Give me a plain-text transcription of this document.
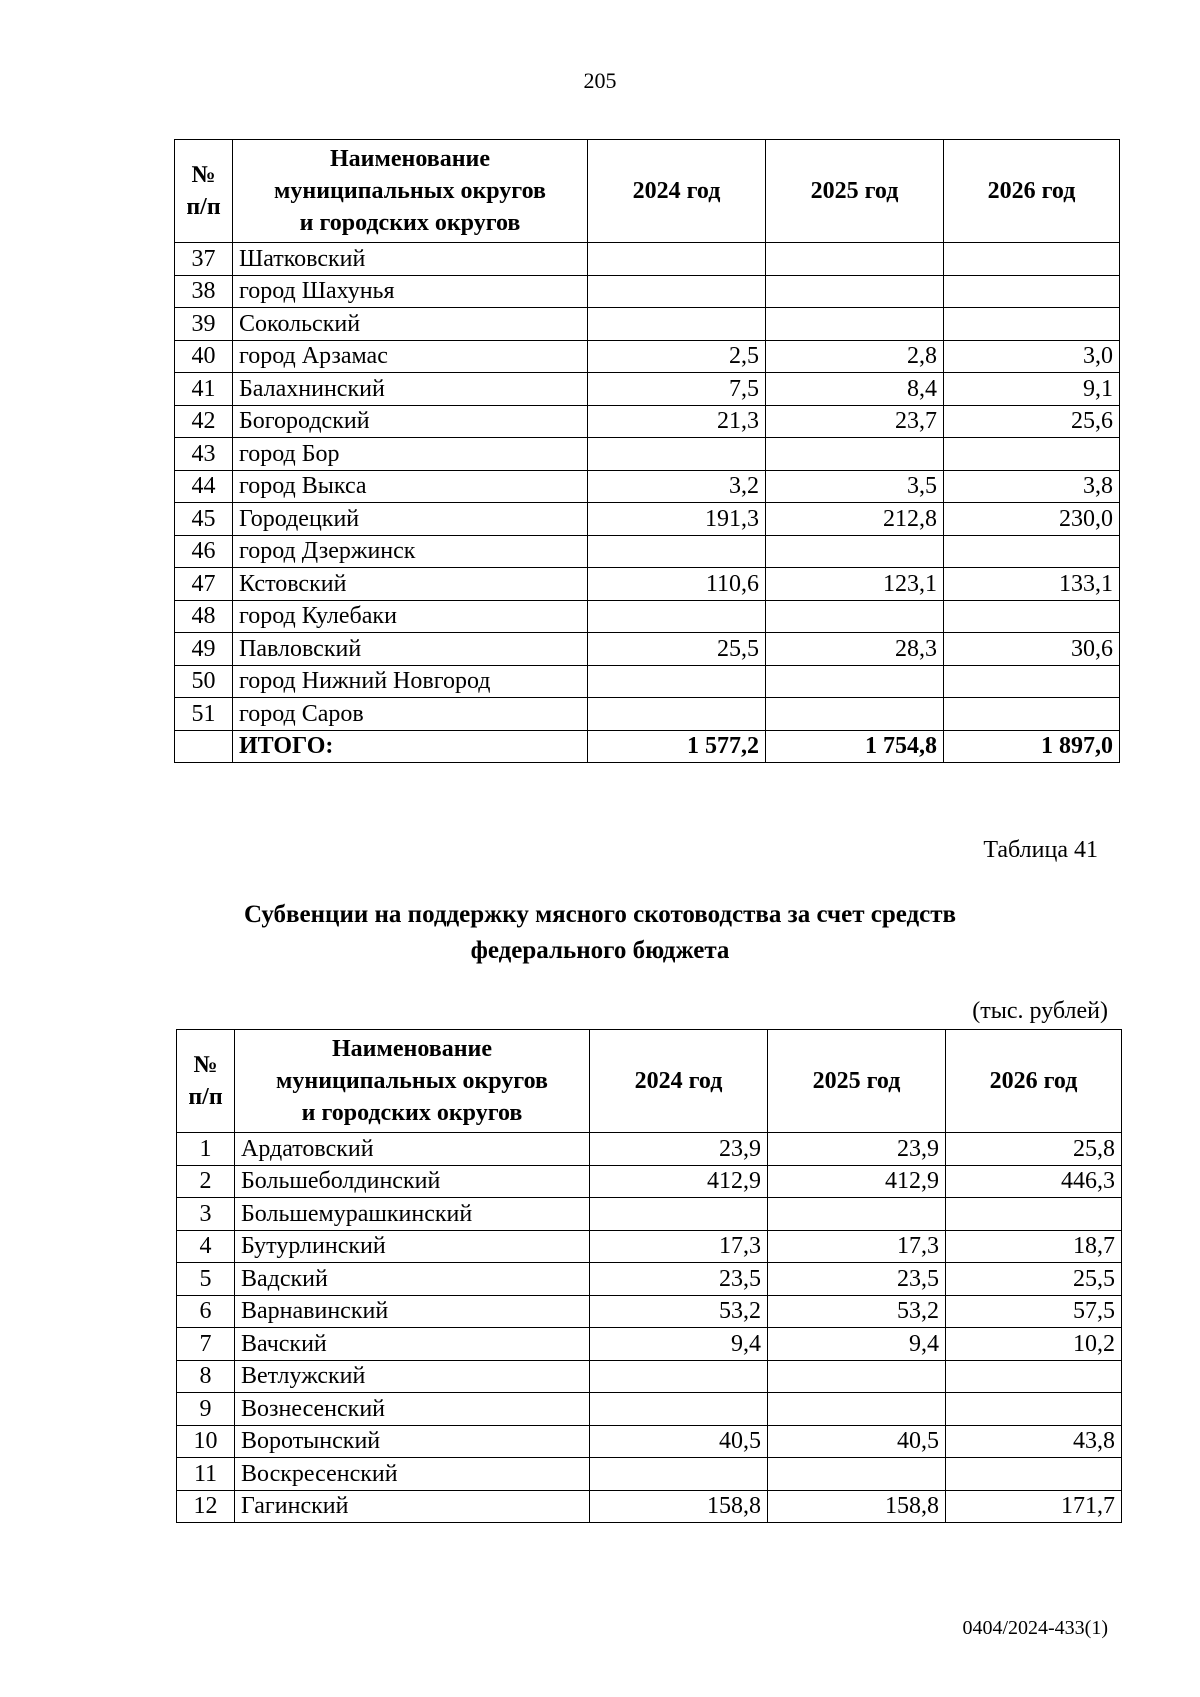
205
№ п/п	Наименование
муниципальных округов
и городских округов	2024 год	2025 год	2026 год
37	Шатковский			
38	город Шахунья			
39	Сокольский			
40	город Арзамас	2,5	2,8	3,0
41	Балахнинский	7,5	8,4	9,1
42	Богородский	21,3	23,7	25,6
43	город Бор			
44	город Выкса	3,2	3,5	3,8
45	Городецкий	191,3	212,8	230,0
46	город Дзержинск			
47	Кстовский	110,6	123,1	133,1
48	город Кулебаки			
49	Павловский	25,5	28,3	30,6
50	город Нижний Новгород			
51	город Саров			
	ИТОГО:	1 577,2	1 754,8	1 897,0
Таблица 41
Субвенции на поддержку мясного скотоводства за счет средств
федерального бюджета
(тыс. рублей)
№ п/п	Наименование
муниципальных округов
и городских округов	2024 год	2025 год	2026 год
1	Ардатовский	23,9	23,9	25,8
2	Большеболдинский	412,9	412,9	446,3
3	Большемурашкинский			
4	Бутурлинский	17,3	17,3	18,7
5	Вадский	23,5	23,5	25,5
6	Варнавинский	53,2	53,2	57,5
7	Вачский	9,4	9,4	10,2
8	Ветлужский			
9	Вознесенский			
10	Воротынский	40,5	40,5	43,8
11	Воскресенский			
12	Гагинский	158,8	158,8	171,7
0404/2024-433(1)
